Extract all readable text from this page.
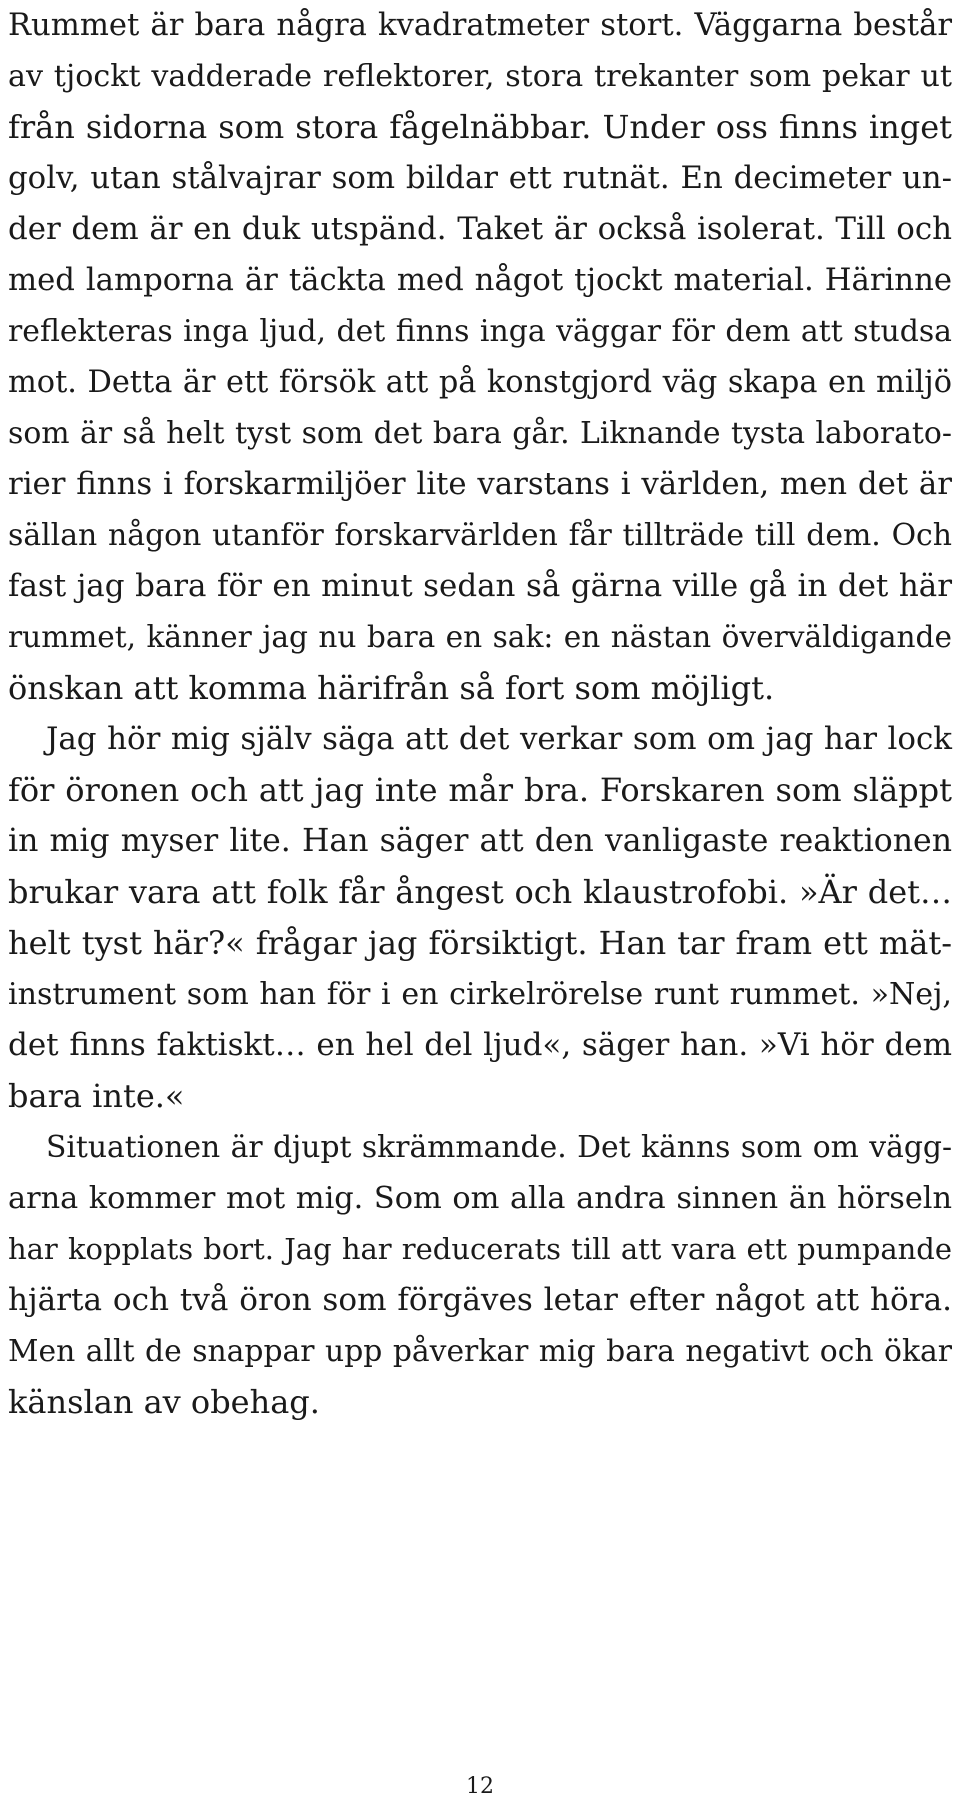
Rummet är bara några kvadratmeter stort. Väggarna består
av tjockt vadderade reflektorer, stora trekanter som pekar ut
från sidorna som stora fågelnäbbar. Under oss finns inget
golv, utan stålvajrar som bildar ett rutnät. En decimeter un-
der dem är en duk utspänd. Taket är också isolerat. Till och
med lamporna är täckta med något tjockt material. Härinne
reflekteras inga ljud, det finns inga väggar för dem att studsa
mot. Detta är ett försök att på konstgjord väg skapa en miljö
som är så helt tyst som det bara går. Liknande tysta laborato-
rier finns i forskarmiljöer lite varstans i världen, men det är
sällan någon utanför forskarvärlden får tillträde till dem. Och
fast jag bara för en minut sedan så gärna ville gå in det här
rummet, känner jag nu bara en sak: en nästan överväldigande
önskan att komma härifrån så fort som möjligt.
Jag hör mig själv säga att det verkar som om jag har lock
för öronen och att jag inte mår bra. Forskaren som släppt
in mig myser lite. Han säger att den vanligaste reaktionen
brukar vara att folk får ångest och klaustrofobi. »Är det…
helt tyst här?« frågar jag försiktigt. Han tar fram ett mät-
instrument som han för i en cirkelrörelse runt rummet. »Nej,
det finns faktiskt… en hel del ljud«, säger han. »Vi hör dem
bara inte.«
Situationen är djupt skrämmande. Det känns som om vägg-
arna kommer mot mig. Som om alla andra sinnen än hörseln
har kopplats bort. Jag har reducerats till att vara ett pumpande
hjärta och två öron som förgäves letar efter något att höra.
Men allt de snappar upp påverkar mig bara negativt och ökar
känslan av obehag.
12
